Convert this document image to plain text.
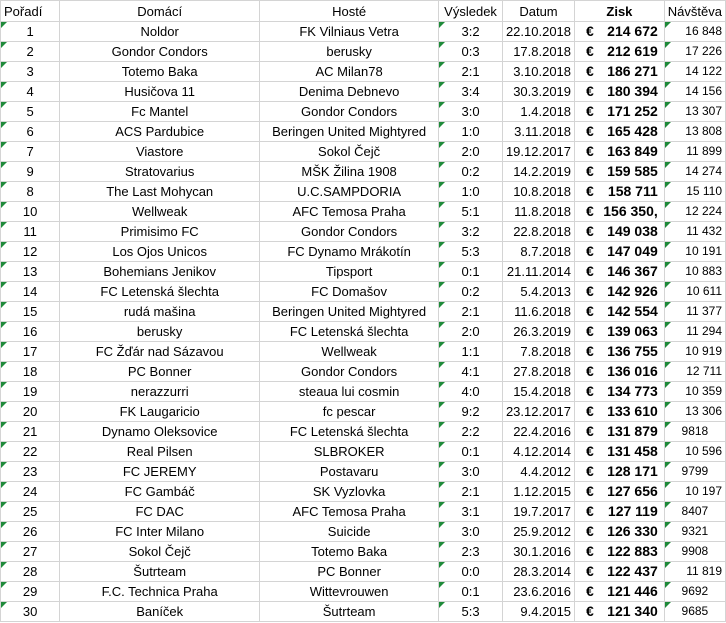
Pořadí	Domácí	Hosté	Výsledek	Datum	Zisk	Návštěva

1	Noldor	FK Vilniaus Vetra	3:2	22.10.2018	€ 214 672	16 848

2	Gondor Condors	berusky	0:3	17.8.2018	€ 212 619	17 226

3	Totemo Baka	AC Milan78	2:1	3.10.2018	€ 186 271	14 122

4	Husičova 11	Denima Debnevo	3:4	30.3.2019	€ 180 394	14 156

5	Fc Mantel	Gondor Condors	3:0	1.4.2018	€ 171 252	13 307

6	ACS Pardubice	Beringen United Mightyred	1:0	3.11.2018	€ 165 428	13 808

7	Viastore	Sokol Čejč	2:0	19.12.2017	€ 163 849	11 899

9	Stratovarius	MŠK Žilina 1908	0:2	14.2.2019	€ 159 585	14 274

8	The Last Mohycan	U.C.SAMPDORIA	1:0	10.8.2018	€ 158 711	15 110

10	Wellweak	AFC Temosa Praha	5:1	11.8.2018	€ 156 350,	12 224

11	Primisimo FC	Gondor Condors	3:2	22.8.2018	€ 149 038	11 432

12	Los Ojos Unicos	FC Dynamo Mrákotín	5:3	8.7.2018	€ 147 049	10 191

13	Bohemians Jenikov	Tipsport	0:1	21.11.2014	€ 146 367	10 883

14	FC Letenská šlechta	FC Domašov	0:2	5.4.2013	€ 142 926	10 611

15	rudá mašina	Beringen United Mightyred	2:1	11.6.2018	€ 142 554	11 377

16	berusky	FC Letenská šlechta	2:0	26.3.2019	€ 139 063	11 294

17	FC Žďár nad Sázavou	Wellweak	1:1	7.8.2018	€ 136 755	10 919

18	PC Bonner	Gondor Condors	4:1	27.8.2018	€ 136 016	12 711

19	nerazzurri	steaua lui cosmin	4:0	15.4.2018	€ 134 773	10 359

20	FK Laugaricio	fc pescar	9:2	23.12.2017	€ 133 610	13 306

21	Dynamo Oleksovice	FC Letenská šlechta	2:2	22.4.2016	€ 131 879	9818

22	Real Pilsen	SLBROKER	0:1	4.12.2014	€ 131 458	10 596

23	FC JEREMY	Postavaru	3:0	4.4.2012	€ 128 171	9799

24	FC Gambáč	SK Vyzlovka	2:1	1.12.2015	€ 127 656	10 197

25	FC DAC	AFC Temosa Praha	3:1	19.7.2017	€ 127 119	8407

26	FC Inter Milano	Suicide	3:0	25.9.2012	€ 126 330	9321

27	Sokol Čejč	Totemo Baka	2:3	30.1.2016	€ 122 883	9908

28	Šutrteam	PC Bonner	0:0	28.3.2014	€ 122 437	11 819

29	F.C. Technica Praha	Wittevrouwen	0:1	23.6.2016	€ 121 446	9692

30	Baníček	Šutrteam	5:3	9.4.2015	€ 121 340	9685
